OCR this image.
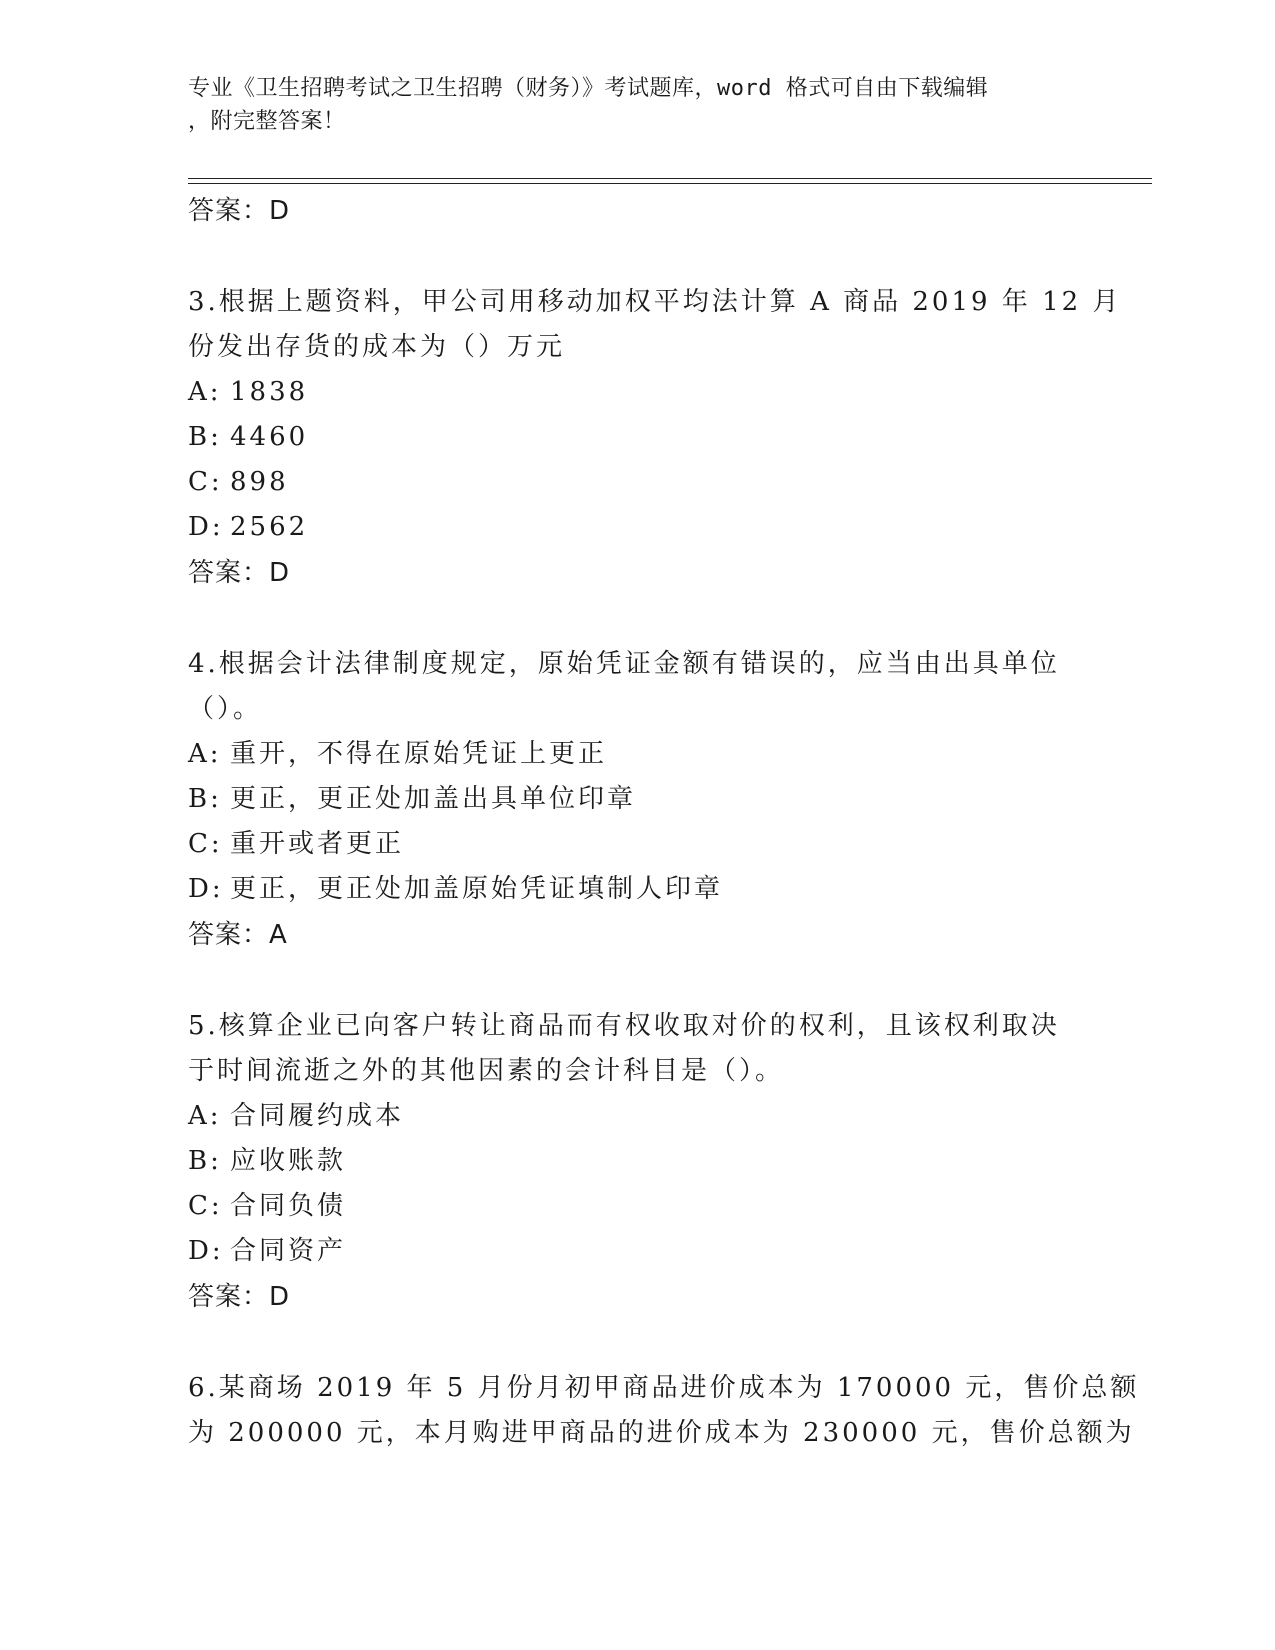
专业《卫生招聘考试之卫生招聘（财务）》考试题库，word 格式可自由下载编辑
，附完整答案！
答案：D
3.根据上题资料，甲公司用移动加权平均法计算 A 商品 2019 年 12 月
份发出存货的成本为（）万元
A: 1838
B: 4460
C: 898
D: 2562
答案：D
4.根据会计法律制度规定，原始凭证金额有错误的，应当由出具单位
（）。
A: 重开，不得在原始凭证上更正
B: 更正，更正处加盖出具单位印章
C: 重开或者更正
D: 更正，更正处加盖原始凭证填制人印章
答案：A
5.核算企业已向客户转让商品而有权收取对价的权利，且该权利取决
于时间流逝之外的其他因素的会计科目是（）。
A: 合同履约成本
B: 应收账款
C: 合同负债
D: 合同资产
答案：D
6.某商场 2019 年 5 月份月初甲商品进价成本为 170000 元，售价总额
为 200000 元，本月购进甲商品的进价成本为 230000 元，售价总额为
